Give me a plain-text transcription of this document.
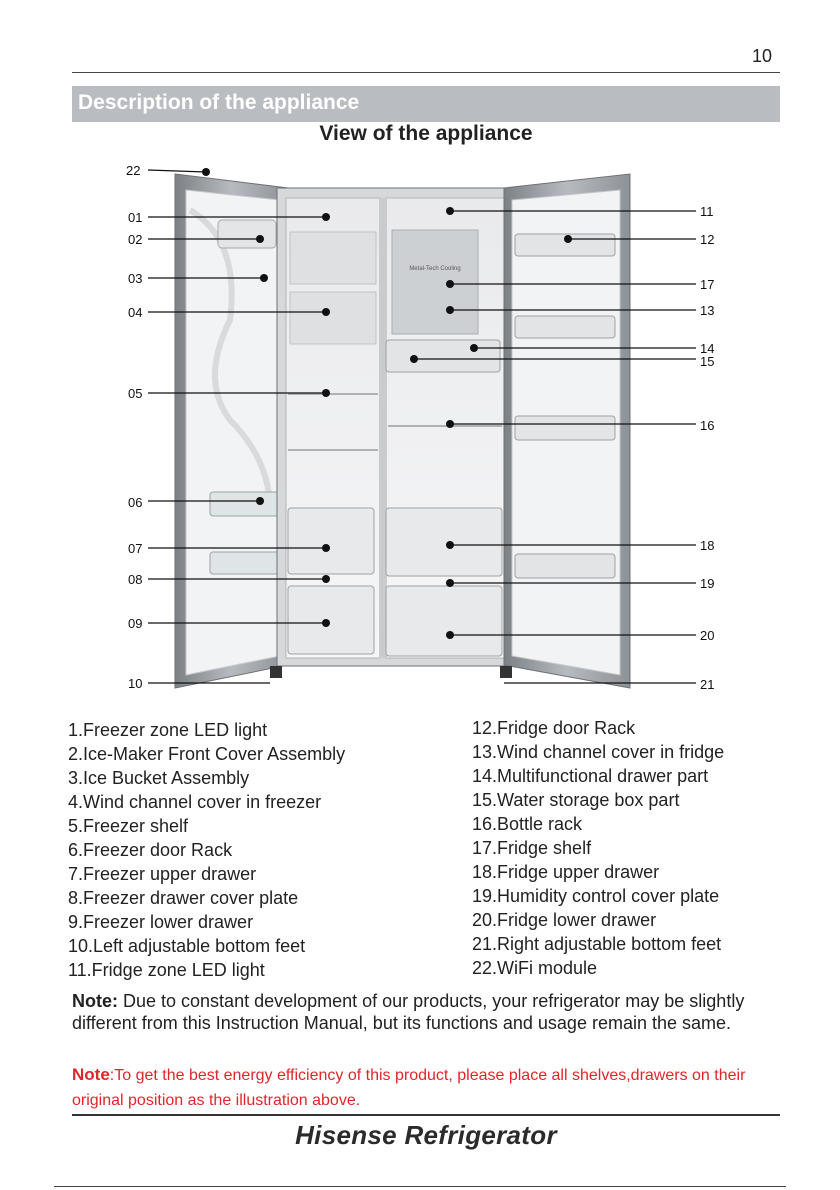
10
Description of the appliance
View of the appliance
Metal-Tech Cooling
22
01
02
03
04
05
06
07
08
09
10
11
12
17
13
14
15
16
18
19
20
21
1.Freezer zone LED light
2.Ice-Maker Front Cover Assembly
3.Ice Bucket Assembly
4.Wind channel cover in freezer
5.Freezer shelf
6.Freezer door Rack
7.Freezer upper drawer
8.Freezer drawer cover plate
9.Freezer lower drawer
10.Left adjustable bottom feet
11.Fridge zone LED light
12.Fridge door Rack
13.Wind channel cover in fridge
14.Multifunctional drawer part
15.Water storage box part
16.Bottle rack
17.Fridge shelf
18.Fridge upper drawer
19.Humidity control cover plate
20.Fridge lower drawer
21.Right adjustable bottom feet
22.WiFi module
Note: Due to constant development of our products, your refrigerator may be slightly different from this Instruction Manual, but its functions and usage remain the same.
Note:To get the best energy efficiency of this product, please place all shelves,drawers on their original position as the illustration above.
Hisense Refrigerator
